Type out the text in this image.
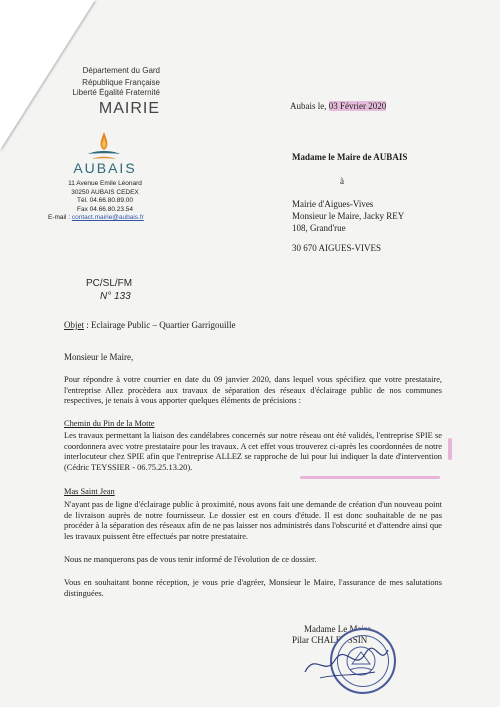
Département du Gard
République Française
Liberté Égalité Fraternité
MAIRIE
AUBAIS
11 Avenue Emile Léonard
30250 AUBAIS CEDEX
Tél. 04.66.80.89.00
Fax 04.66.80.23.54
E-mail : contact.mairie@aubais.fr
Aubais le, 03 Février 2020
Madame le Maire de AUBAIS
à
Mairie d'Aigues-Vives
Monsieur le Maire, Jacky REY
108, Grand'rue
30 670 AIGUES-VIVES
PC/SL/FM
N° 133
Objet : Eclairage Public – Quartier Garrigouille
Monsieur le Maire,
Pour répondre à votre courrier en date du 09 janvier 2020, dans lequel vous spécifiez que votre prestataire, l'entreprise Allez procèdera aux travaux de séparation des réseaux d'éclairage public de nos communes respectives, je tenais à vous apporter quelques éléments de précisions :
Chemin du Pin de la Motte
Les travaux permettant la liaison des candélabres concernés sur notre réseau ont été validés, l'entreprise SPIE se coordonnera avec votre prestataire pour les travaux. A cet effet vous trouverez ci-après les coordonnées de notre interlocuteur chez SPIE afin que l'entreprise ALLEZ se rapproche de lui pour lui indiquer la date d'intervention (Cédric TEYSSIER - 06.75.25.13.20).
Mas Saint Jean
N'ayant pas de ligne d'éclairage public à proximité, nous avons fait une demande de création d'un nouveau point de livraison auprès de notre fournisseur. Le dossier est en cours d'étude. Il est donc souhaitable de ne pas procéder à la séparation des réseaux afin de ne pas laisser nos administrés dans l'obscurité et d'attendre ainsi que les travaux puissent être effectués par notre prestataire.
Nous ne manquerons pas de vous tenir informé de l'évolution de ce dossier.
Vous en souhaitant bonne réception, je vous prie d'agréer, Monsieur le Maire, l'assurance de mes salutations distinguées.
Madame Le Maire,
Pilar CHALEYSSIN
